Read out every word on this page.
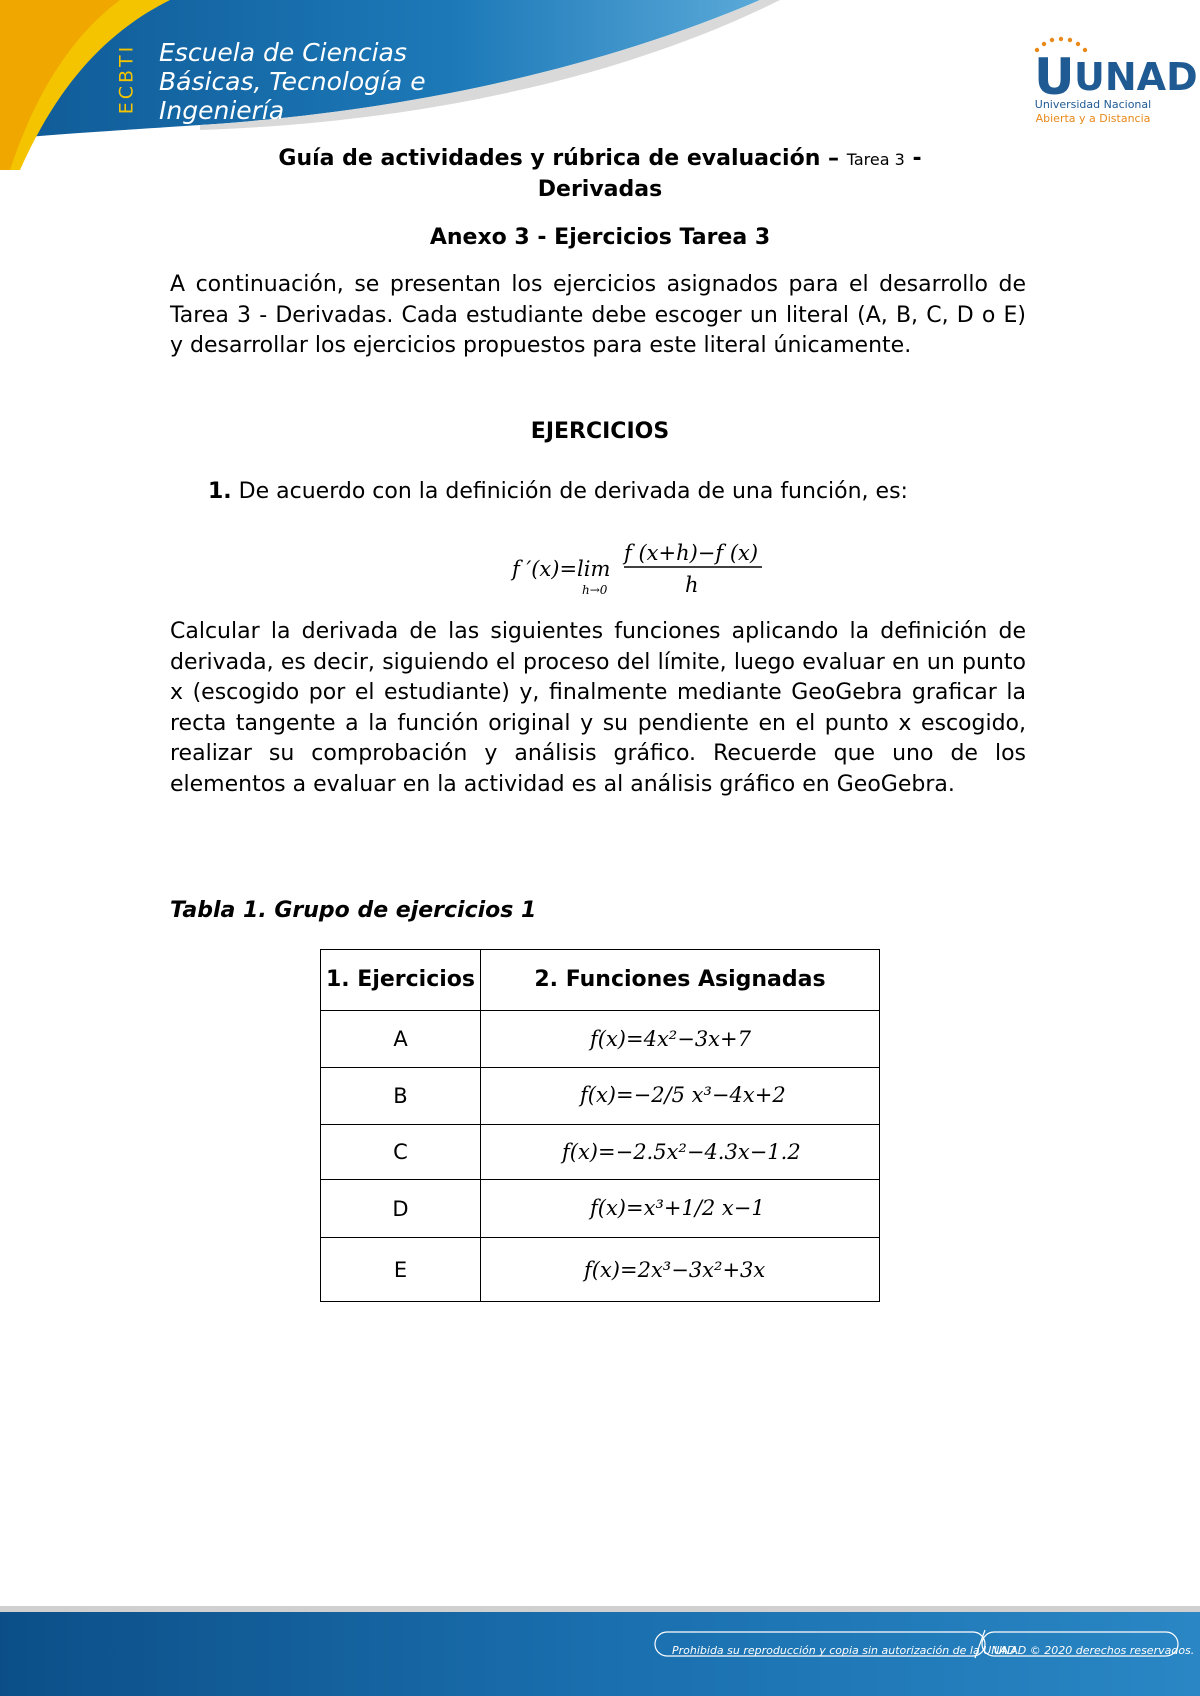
ECBTI Escuela de Ciencias
Básicas, Tecnología e
Ingeniería
U UNAD
Universidad Nacional
Abierta y a Distancia
Guía de actividades y rúbrica de evaluación – Tarea 3 -
Derivadas
Anexo 3 - Ejercicios Tarea 3
A continuación, se presentan los ejercicios asignados para el desarrollo de Tarea 3 - Derivadas. Cada estudiante debe escoger un literal (A, B, C, D o E) y desarrollar los ejercicios propuestos para este literal únicamente.
EJERCICIOS
1. De acuerdo con la definición de derivada de una función, es:
f ′(x)=lim
h→0
f (x+h)−f (x)
h
Calcular la derivada de las siguientes funciones aplicando la definición de derivada, es decir, siguiendo el proceso del límite, luego evaluar en un punto x (escogido por el estudiante) y, finalmente mediante GeoGebra graficar la recta tangente a la función original y su pendiente en el punto x escogido, realizar su comprobación y análisis gráfico. Recuerde que uno de los elementos a evaluar en la actividad es al análisis gráfico en GeoGebra.
Tabla 1. Grupo de ejercicios 1
1. Ejercicios	2. Funciones Asignadas
A	f(x)=4x²−3x+7

B	f(x)=−2/5 x³−4x+2

C	f(x)=−2.5x²−4.3x−1.2

D	f(x)=x³+1/2 x−1

E	f(x)=2x³−3x²+3x
Prohibida su reproducción y copia sin autorización de la UNAD.
UNAD © 2020 derechos reservados.
